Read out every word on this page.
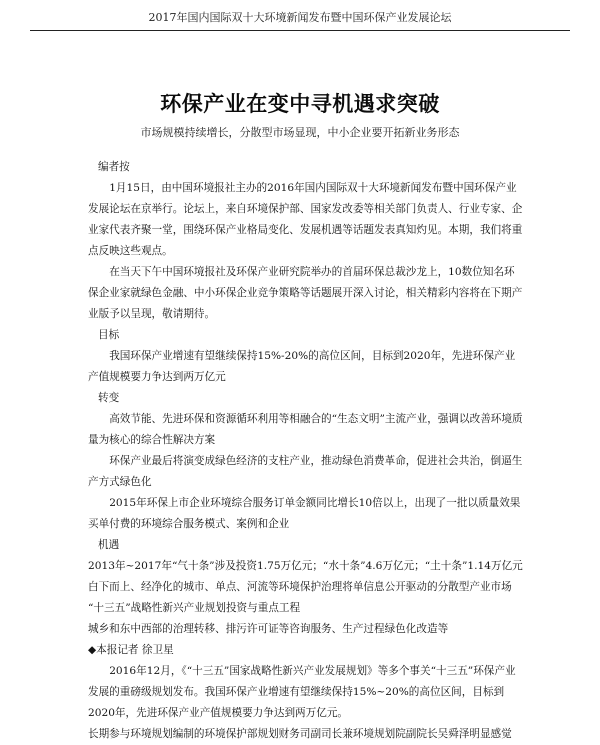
2017年国内国际双十大环境新闻发布暨中国环保产业发展论坛
环保产业在变中寻机遇求突破
市场规模持续增长，分散型市场显现，中小企业要开拓新业务形态

编者按

1月15日，由中国环境报社主办的2016年国内国际双十大环境新闻发布暨中国环保产业发展论坛在京举行。论坛上，来自环境保护部、国家发改委等相关部门负责人、行业专家、企业家代表齐聚一堂，围绕环保产业格局变化、发展机遇等话题发表真知灼见。本期，我们将重点反映这些观点。

在当天下午中国环境报社及环保产业研究院举办的首届环保总裁沙龙上，10数位知名环保企业家就绿色金融、中小环保企业竞争策略等话题展开深入讨论，相关精彩内容将在下期产业版予以呈现，敬请期待。

目标

我国环保产业增速有望继续保持15%-20%的高位区间，目标到2020年，先进环保产业产值规模要力争达到两万亿元

转变

高效节能、先进环保和资源循环利用等相融合的“生态文明”主流产业，强调以改善环境质量为核心的综合性解决方案

环保产业最后将演变成绿色经济的支柱产业，推动绿色消费革命，促进社会共治，倒逼生产方式绿色化

2015年环保上市企业环境综合服务订单金额同比增长10倍以上，出现了一批以质量效果买单付费的环境综合服务模式、案例和企业

机遇

2013年~2017年“气十条”涉及投资1.75万亿元；“水十条”4.6万亿元；“土十条”1.14万亿元

白下而上、经净化的城市、单点、河流等环境保护治理将单信息公开驱动的分散型产业市场

“十三五”战略性新兴产业规划投资与重点工程

城乡和东中西部的治理转移、排污许可证等咨询服务、生产过程绿色化改造等

◆本报记者 徐卫星

2016年12月，《“十三五”国家战略性新兴产业发展规划》等多个事关“十三五”环保产业发展的重磅级规划发布。我国环保产业增速有望继续保持15%~20%的高位区间，目标到2020年，先进环保产业产值规模要力争达到两万亿元。

长期参与环境规划编制的环境保护部规划财务司副司长兼环境规划院副院长吴舜泽明显感觉
